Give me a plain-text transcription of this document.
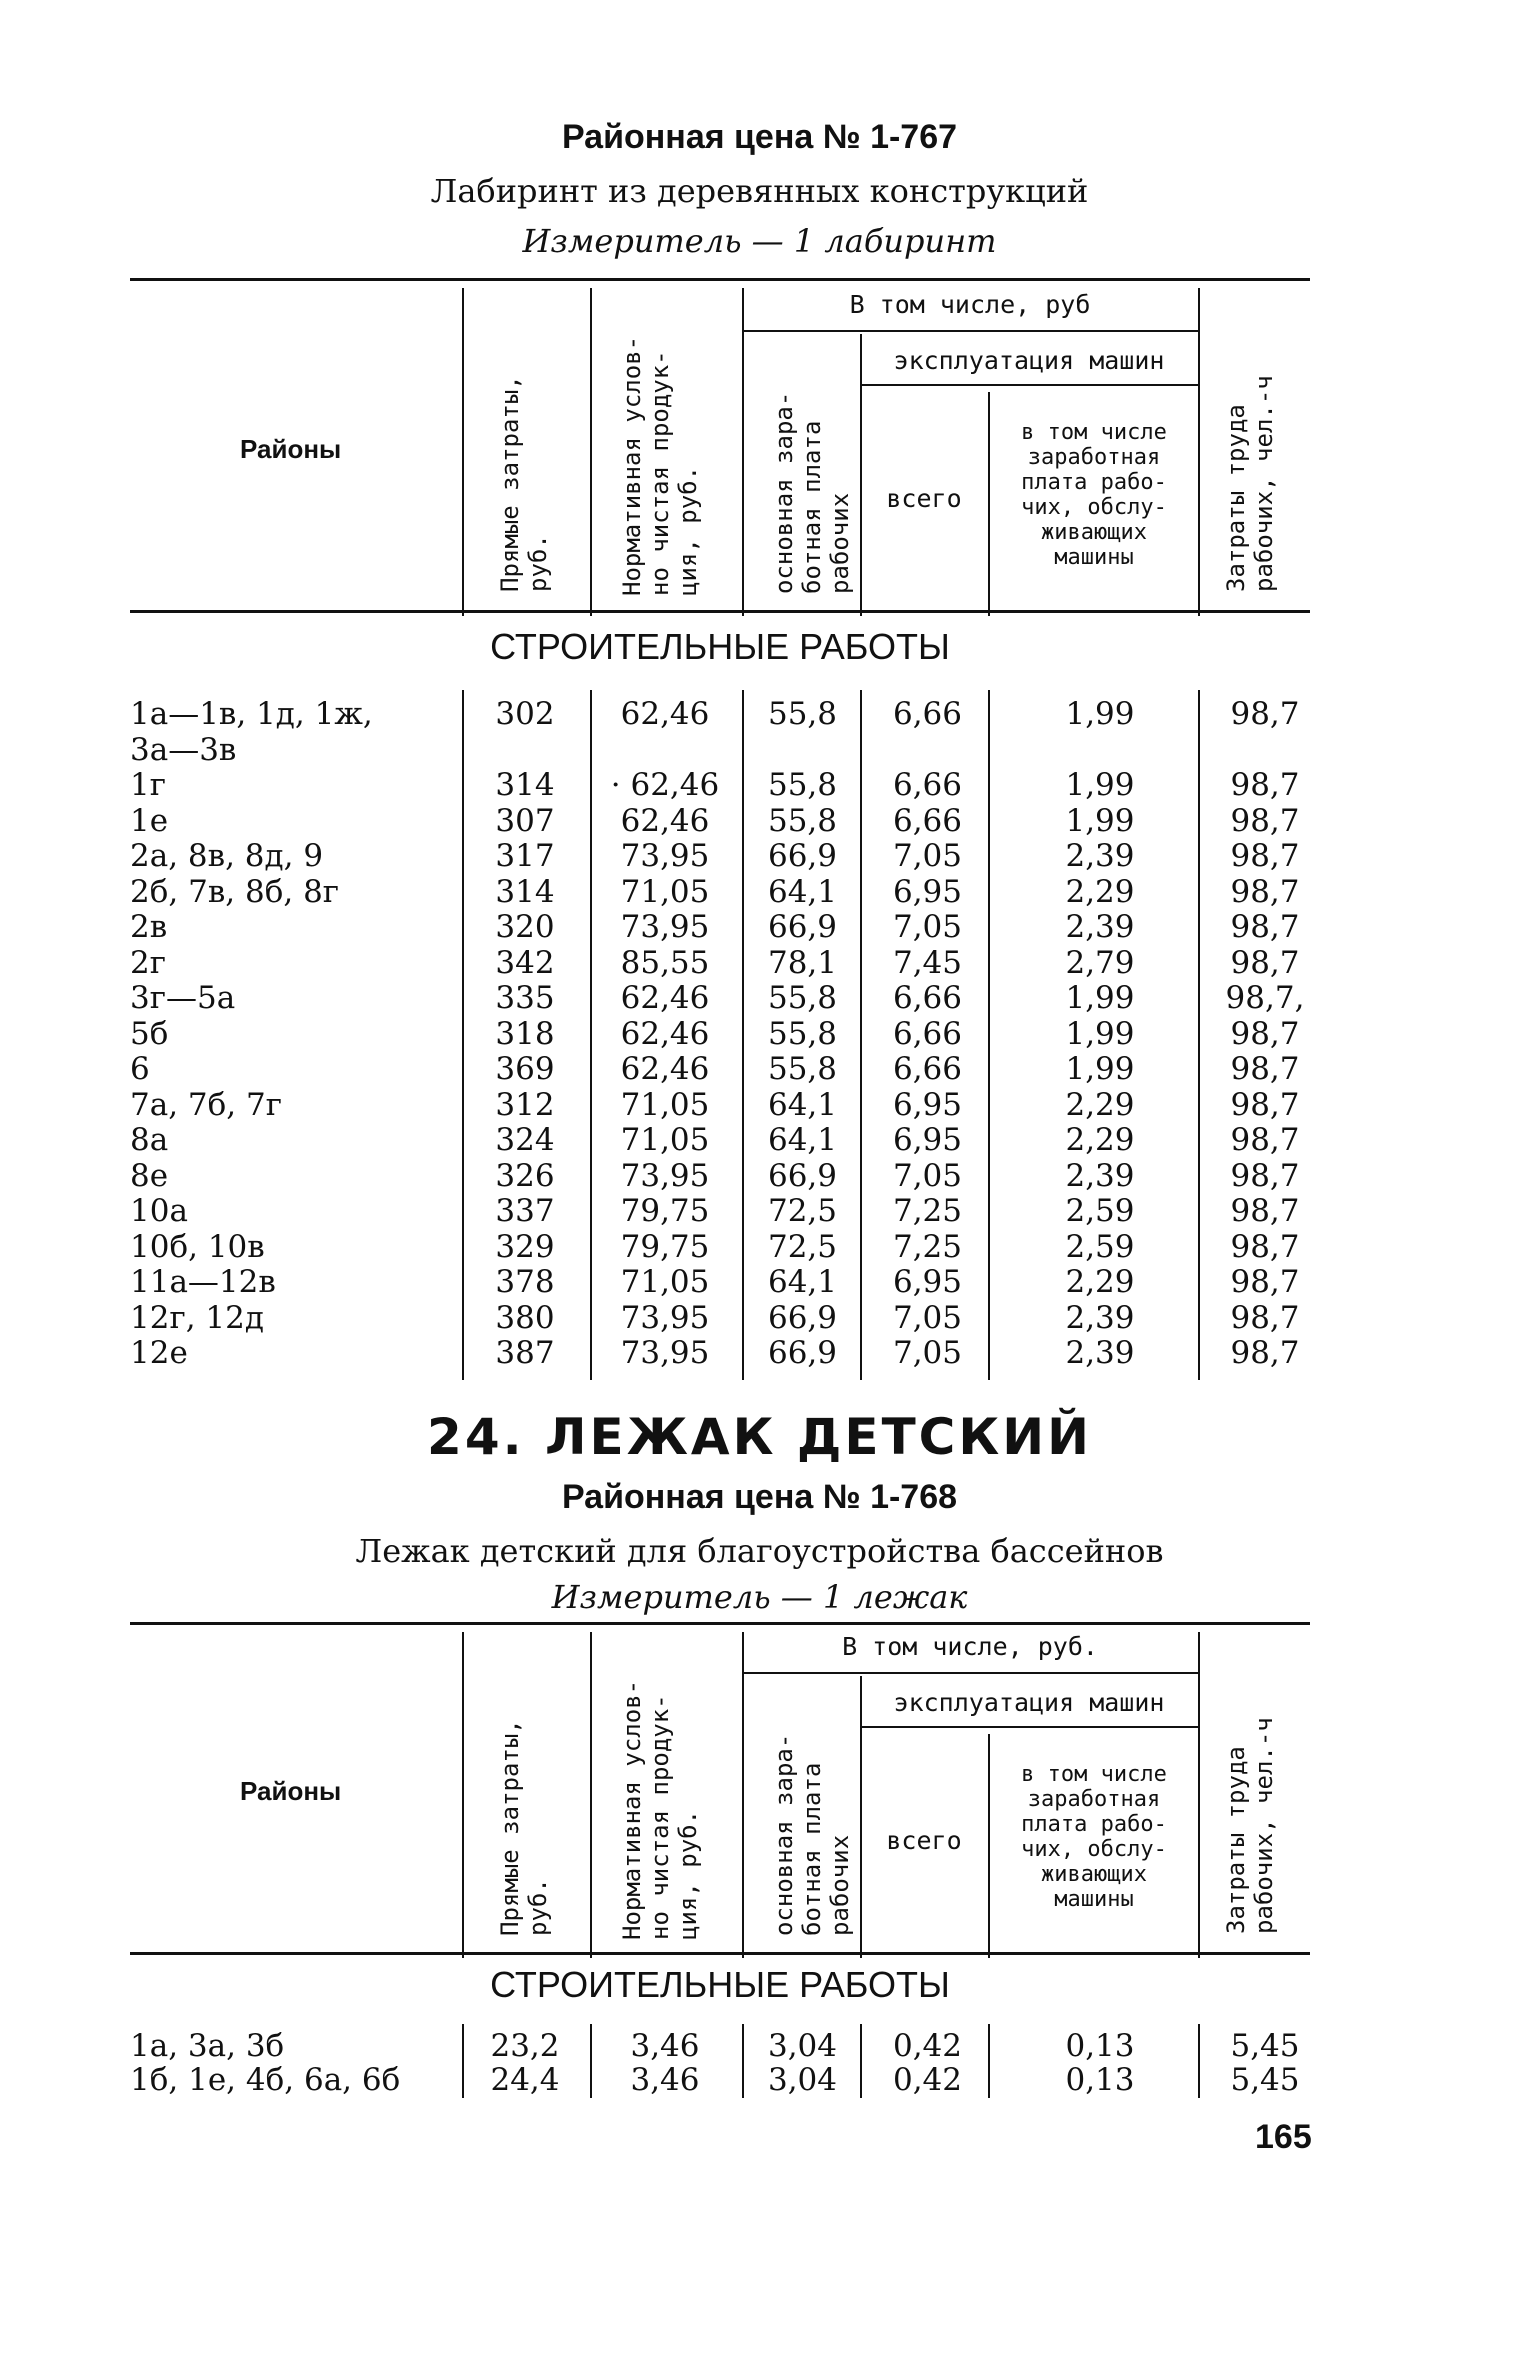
Районная цена № 1-767
Лабиринт из деревянных конструкций
Измеритель — 1 лабиринт
Районы
Прямые затраты,
руб.	Нормативная услов-
но чистая продук-
ция, руб.
В том числе, руб
основная зара-
ботная плата
рабочих
эксплуатация машин
всего
в том числе
заработная
плата рабо-
чих, обслу-
живающих
машины	Затраты труда
рабочих, чел.-ч
СТРОИТЕЛЬНЫЕ РАБОТЫ
1а—1в, 1д, 1ж,	302	62,46	55,8	6,66	1,99	98,7
3а—3в
1г	314	· 62,46	55,8	6,66	1,99	98,7
1е	307	62,46	55,8	6,66	1,99	98,7
2а, 8в, 8д, 9	317	73,95	66,9	7,05	2,39	98,7
2б, 7в, 8б, 8г	314	71,05	64,1	6,95	2,29	98,7
2в	320	73,95	66,9	7,05	2,39	98,7
2г	342	85,55	78,1	7,45	2,79	98,7
3г—5а	335	62,46	55,8	6,66	1,99	98,7,
5б	318	62,46	55,8	6,66	1,99	98,7
6	369	62,46	55,8	6,66	1,99	98,7
7а, 7б, 7г	312	71,05	64,1	6,95	2,29	98,7
8а	324	71,05	64,1	6,95	2,29	98,7
8е	326	73,95	66,9	7,05	2,39	98,7
10а	337	79,75	72,5	7,25	2,59	98,7
10б, 10в	329	79,75	72,5	7,25	2,59	98,7
11а—12в	378	71,05	64,1	6,95	2,29	98,7
12г, 12д	380	73,95	66,9	7,05	2,39	98,7
12е	387	73,95	66,9	7,05	2,39	98,7
24. ЛЕЖАК ДЕТСКИЙ
Районная цена № 1-768
Лежак детский для благоустройства бассейнов
Измеритель — 1 лежак
Районы
Прямые затраты,
руб.	Нормативная услов-
но чистая продук-
ция, руб.
В том числе, руб.
основная зара-
ботная плата
рабочих
эксплуатация машин
всего
в том числе
заработная
плата рабо-
чих, обслу-
живающих
машины	Затраты труда
рабочих, чел.-ч
СТРОИТЕЛЬНЫЕ РАБОТЫ
1а, 3а, 3б	23,2	3,46	3,04	0,42	0,13	5,45
1б, 1е, 4б, 6а, 6б	24,4	3,46	3,04	0,42	0,13	5,45
165
